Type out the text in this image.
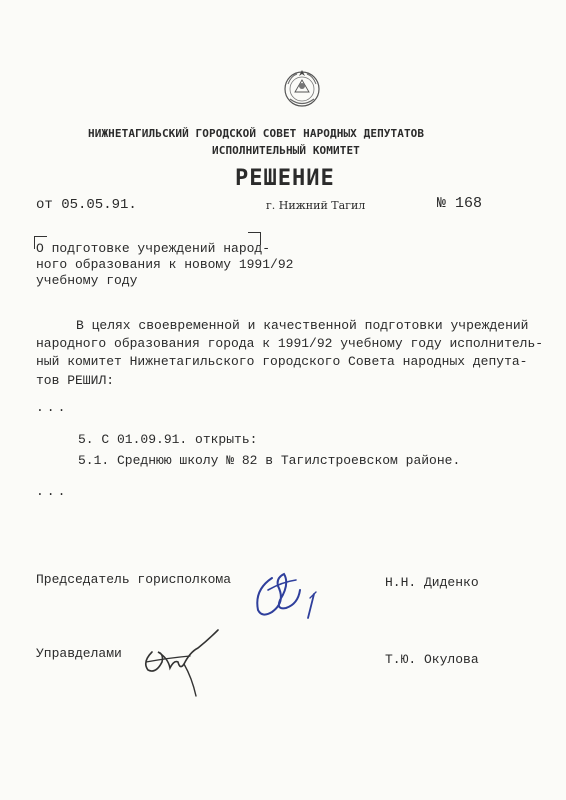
НИЖНЕТАГИЛЬСКИЙ ГОРОДСКОЙ СОВЕТ НАРОДНЫХ ДЕПУТАТОВ
ИСПОЛНИТЕЛЬНЫЙ КОМИТЕТ
РЕШЕНИЕ
от 05.05.91.	г. Нижний Тагил	№ 168
О подготовке учреждений народ-
ного образования к новому 1991/92
учебному году
В целях своевременной и качественной подготовки учреждений
народного образования города к 1991/92 учебному году исполнитель-
ный комитет Нижнетагильского городского Совета народных депута-
тов РЕШИЛ:
...
5. С 01.09.91. открыть:
5.1. Среднюю школу № 82 в Тагилстроевском районе.
...
Председатель горисполкома	Н.Н. Диденко
Управделами	Т.Ю. Окулова
